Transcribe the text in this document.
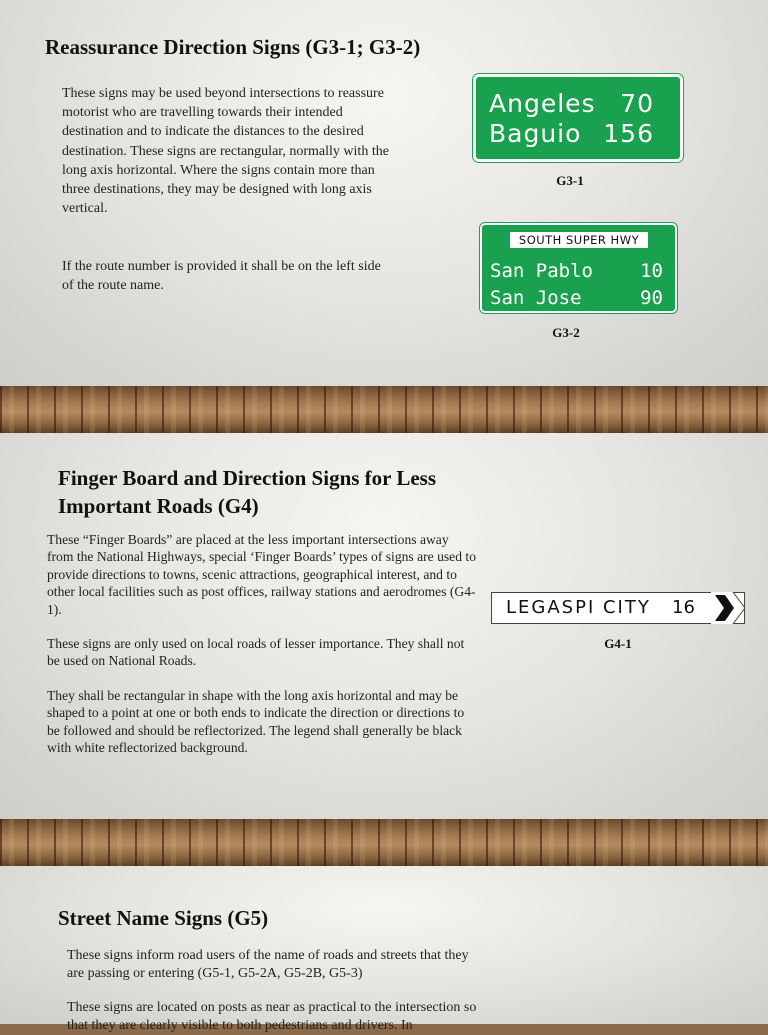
Reassurance Direction Signs (G3-1; G3-2)

These signs may be used beyond intersections to reassure motorist who are travelling towards their intended destination and to indicate the distances to the desired destination. These signs are rectangular, normally with the long axis horizontal. Where the signs contain more than three destinations, they may be designed with long axis vertical.

If the route number is provided it shall be on the left side of the route name.

Angeles 70
Baguio 156
G3-1
SOUTH SUPER HWY
San Pablo 10
San Jose	90
G3-2
Finger Board and Direction Signs for Less
Important Roads (G4)

These “Finger Boards” are placed at the less important intersections away from the National Highways, special ‘Finger Boards’ types of signs are used to provide directions to towns, scenic attractions, geographical interest, and to other local facilities such as post offices, railway stations and aerodromes (G4-1).

These signs are only used on local roads of lesser importance. They shall not be used on National Roads.

They shall be rectangular in shape with the long axis horizontal and may be shaped to a point at one or both ends to indicate the direction or directions to be followed and should be reflectorized. The legend shall generally be black with white reflectorized background.

LEGASPI CITY 16
G4-1
Street Name Signs (G5)

These signs inform road users of the name of roads and streets that they are passing or entering (G5-1, G5-2A, G5-2B, G5-3)

These signs are located on posts as near as practical to the intersection so that they are clearly visible to both pedestrians and drivers. In
